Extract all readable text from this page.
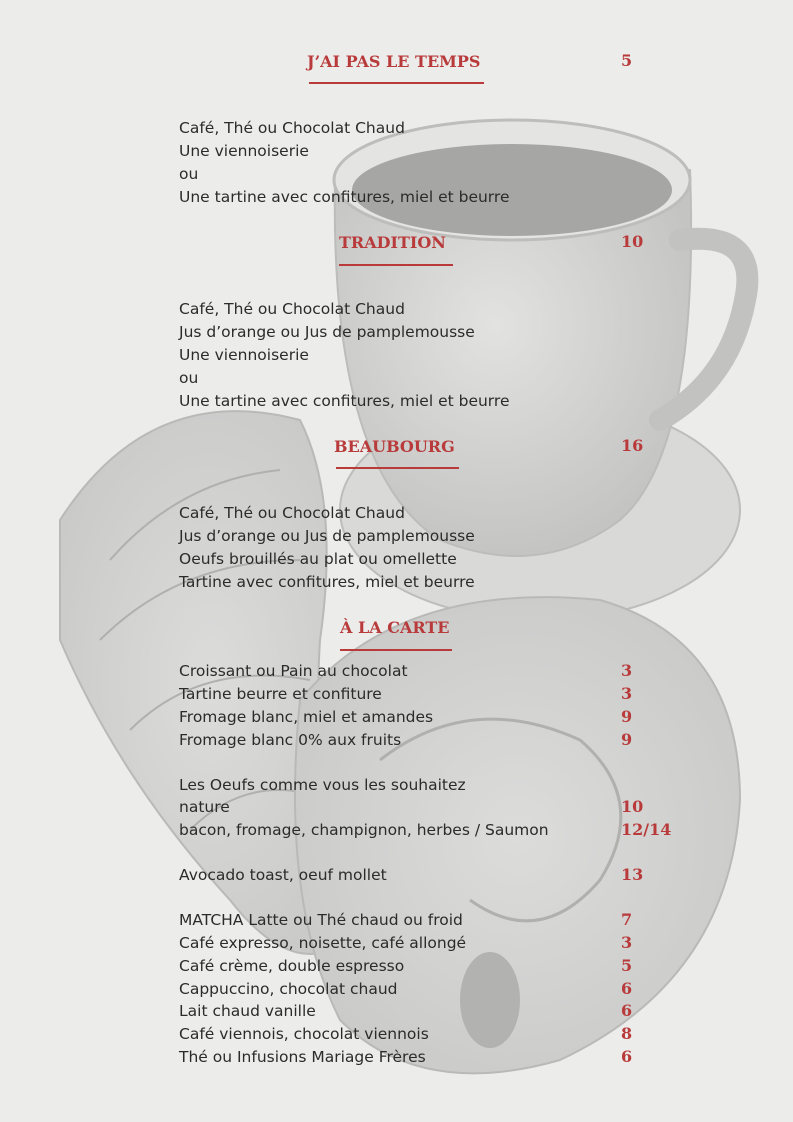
J’AI PAS LE TEMPS	5
Café, Thé ou Chocolat Chaud
Une viennoiserie
ou
Une tartine avec confitures, miel et beurre
TRADITION	10
Café, Thé ou Chocolat Chaud
Jus d’orange ou Jus de pamplemousse
Une viennoiserie
ou
Une tartine avec confitures, miel et beurre
BEAUBOURG	16
Café, Thé ou Chocolat Chaud
Jus d’orange ou Jus de pamplemousse
Oeufs brouillés au plat ou omellette
Tartine avec confitures, miel et beurre
À LA CARTE
Croissant ou Pain au chocolat	3
Tartine beurre et confiture	3
Fromage blanc, miel et amandes	9
Fromage blanc 0% aux fruits	9
Les Oeufs comme vous les souhaitez
nature	10
bacon, fromage, champignon, herbes / Saumon	12/14
Avocado toast, oeuf mollet	13
MATCHA Latte ou Thé chaud ou froid	7
Café expresso, noisette, café allongé	3
Café crème, double espresso	5
Cappuccino, chocolat chaud	6
Lait chaud vanille	6
Café viennois, chocolat viennois	8
Thé ou Infusions Mariage Frères	6
